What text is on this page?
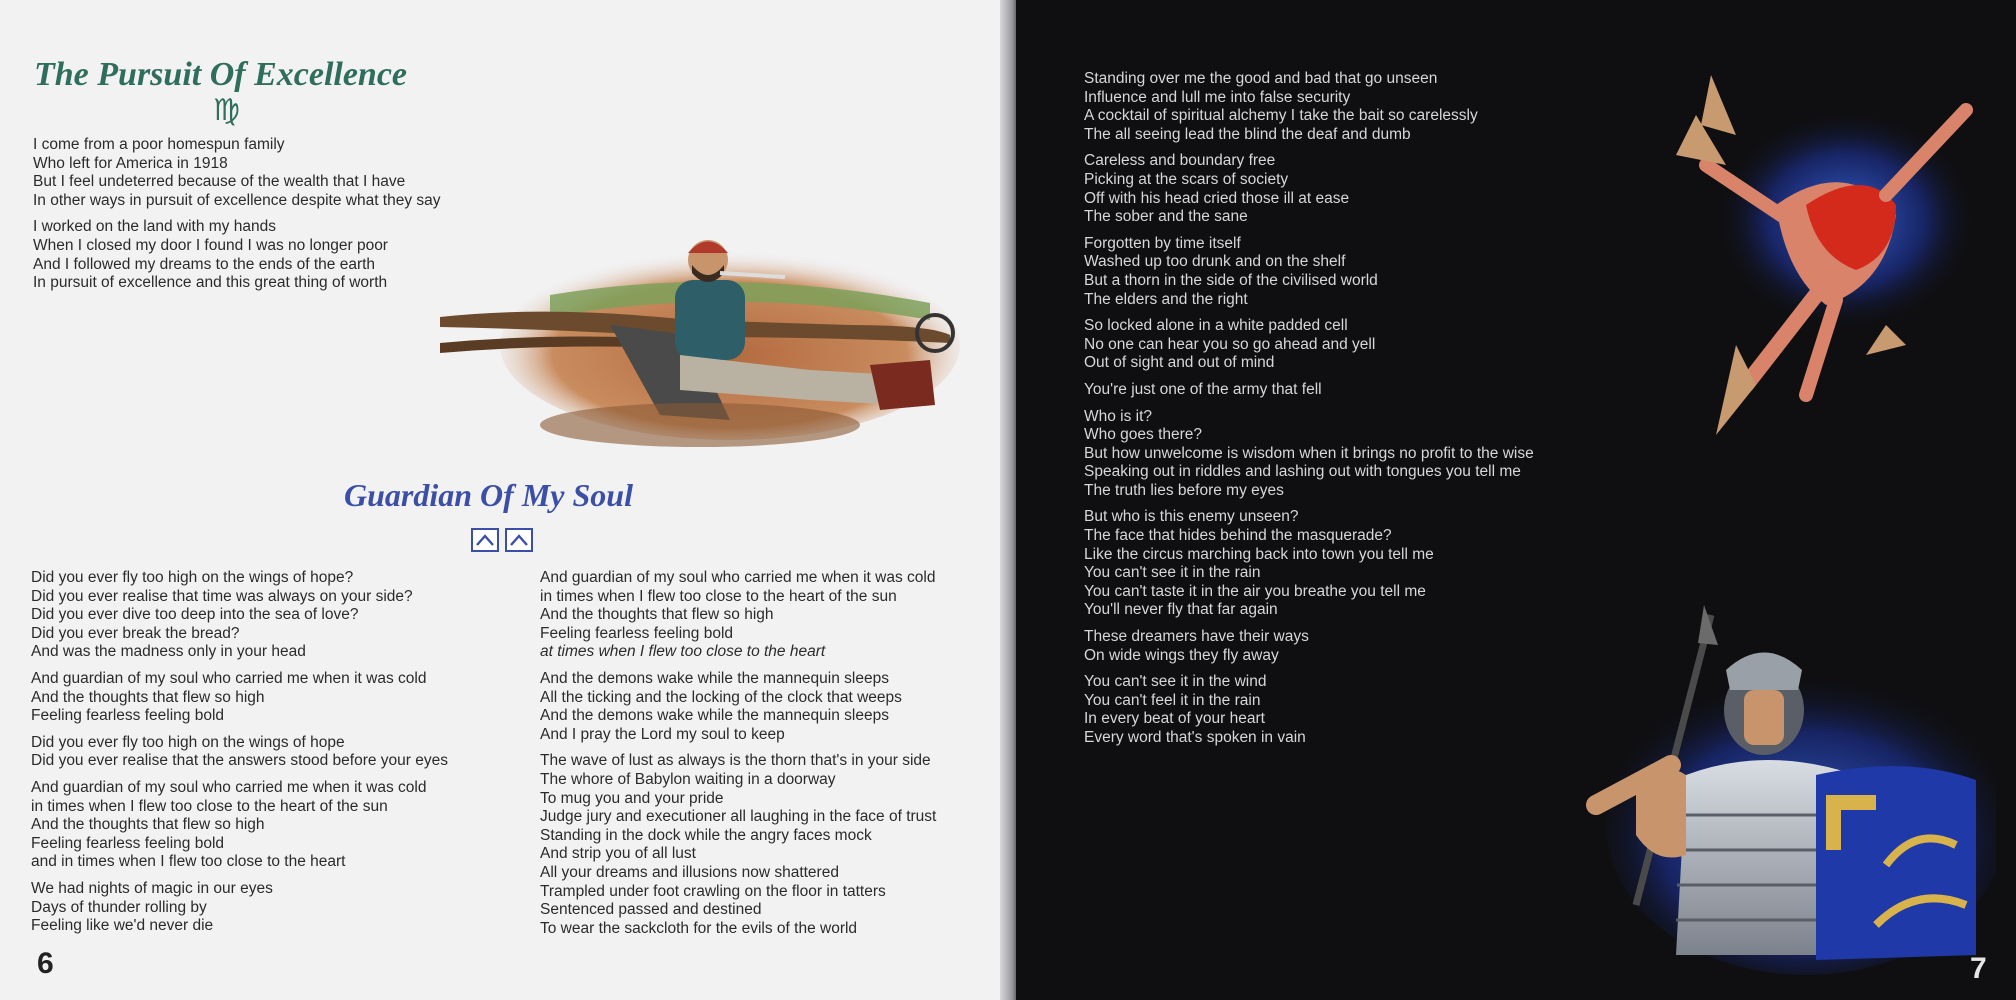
The Pursuit Of Excellence
♍

I come from a poor homespun family
Who left for America in 1918
But I feel undeterred because of the wealth that I have
In other ways in pursuit of excellence despite what they say

I worked on the land with my hands
When I closed my door I found I was no longer poor
And I followed my dreams to the ends of the earth
In pursuit of excellence and this great thing of worth

Guardian Of My Soul

Did you ever fly too high on the wings of hope?
Did you ever realise that time was always on your side?
Did you ever dive too deep into the sea of love?
Did you ever break the bread?
And was the madness only in your head

And guardian of my soul who carried me when it was cold
And the thoughts that flew so high
Feeling fearless feeling bold

Did you ever fly too high on the wings of hope
Did you ever realise that the answers stood before your eyes

And guardian of my soul who carried me when it was cold
in times when I flew too close to the heart of the sun
And the thoughts that flew so high
Feeling fearless feeling bold
and in times when I flew too close to the heart

We had nights of magic in our eyes
Days of thunder rolling by
Feeling like we'd never die

And guardian of my soul who carried me when it was cold
in times when I flew too close to the heart of the sun
And the thoughts that flew so high
Feeling fearless feeling bold
at times when I flew too close to the heart

And the demons wake while the mannequin sleeps
All the ticking and the locking of the clock that weeps
And the demons wake while the mannequin sleeps
And I pray the Lord my soul to keep

The wave of lust as always is the thorn that's in your side
The whore of Babylon waiting in a doorway
To mug you and your pride
Judge jury and executioner all laughing in the face of trust
Standing in the dock while the angry faces mock
And strip you of all lust
All your dreams and illusions now shattered
Trampled under foot crawling on the floor in tatters
Sentenced passed and destined
To wear the sackcloth for the evils of the world

6

Standing over me the good and bad that go unseen
Influence and lull me into false security
A cocktail of spiritual alchemy I take the bait so carelessly
The all seeing lead the blind the deaf and dumb

Careless and boundary free
Picking at the scars of society
Off with his head cried those ill at ease
The sober and the sane

Forgotten by time itself
Washed up too drunk and on the shelf
But a thorn in the side of the civilised world
The elders and the right

So locked alone in a white padded cell
No one can hear you so go ahead and yell
Out of sight and out of mind

You're just one of the army that fell

Who is it?
Who goes there?
But how unwelcome is wisdom when it brings no profit to the wise
Speaking out in riddles and lashing out with tongues you tell me
The truth lies before my eyes

But who is this enemy unseen?
The face that hides behind the masquerade?
Like the circus marching back into town you tell me
You can't see it in the rain
You can't taste it in the air you breathe you tell me
You'll never fly that far again

These dreamers have their ways
On wide wings they fly away

You can't see it in the wind
You can't feel it in the rain
In every beat of your heart
Every word that's spoken in vain

7
